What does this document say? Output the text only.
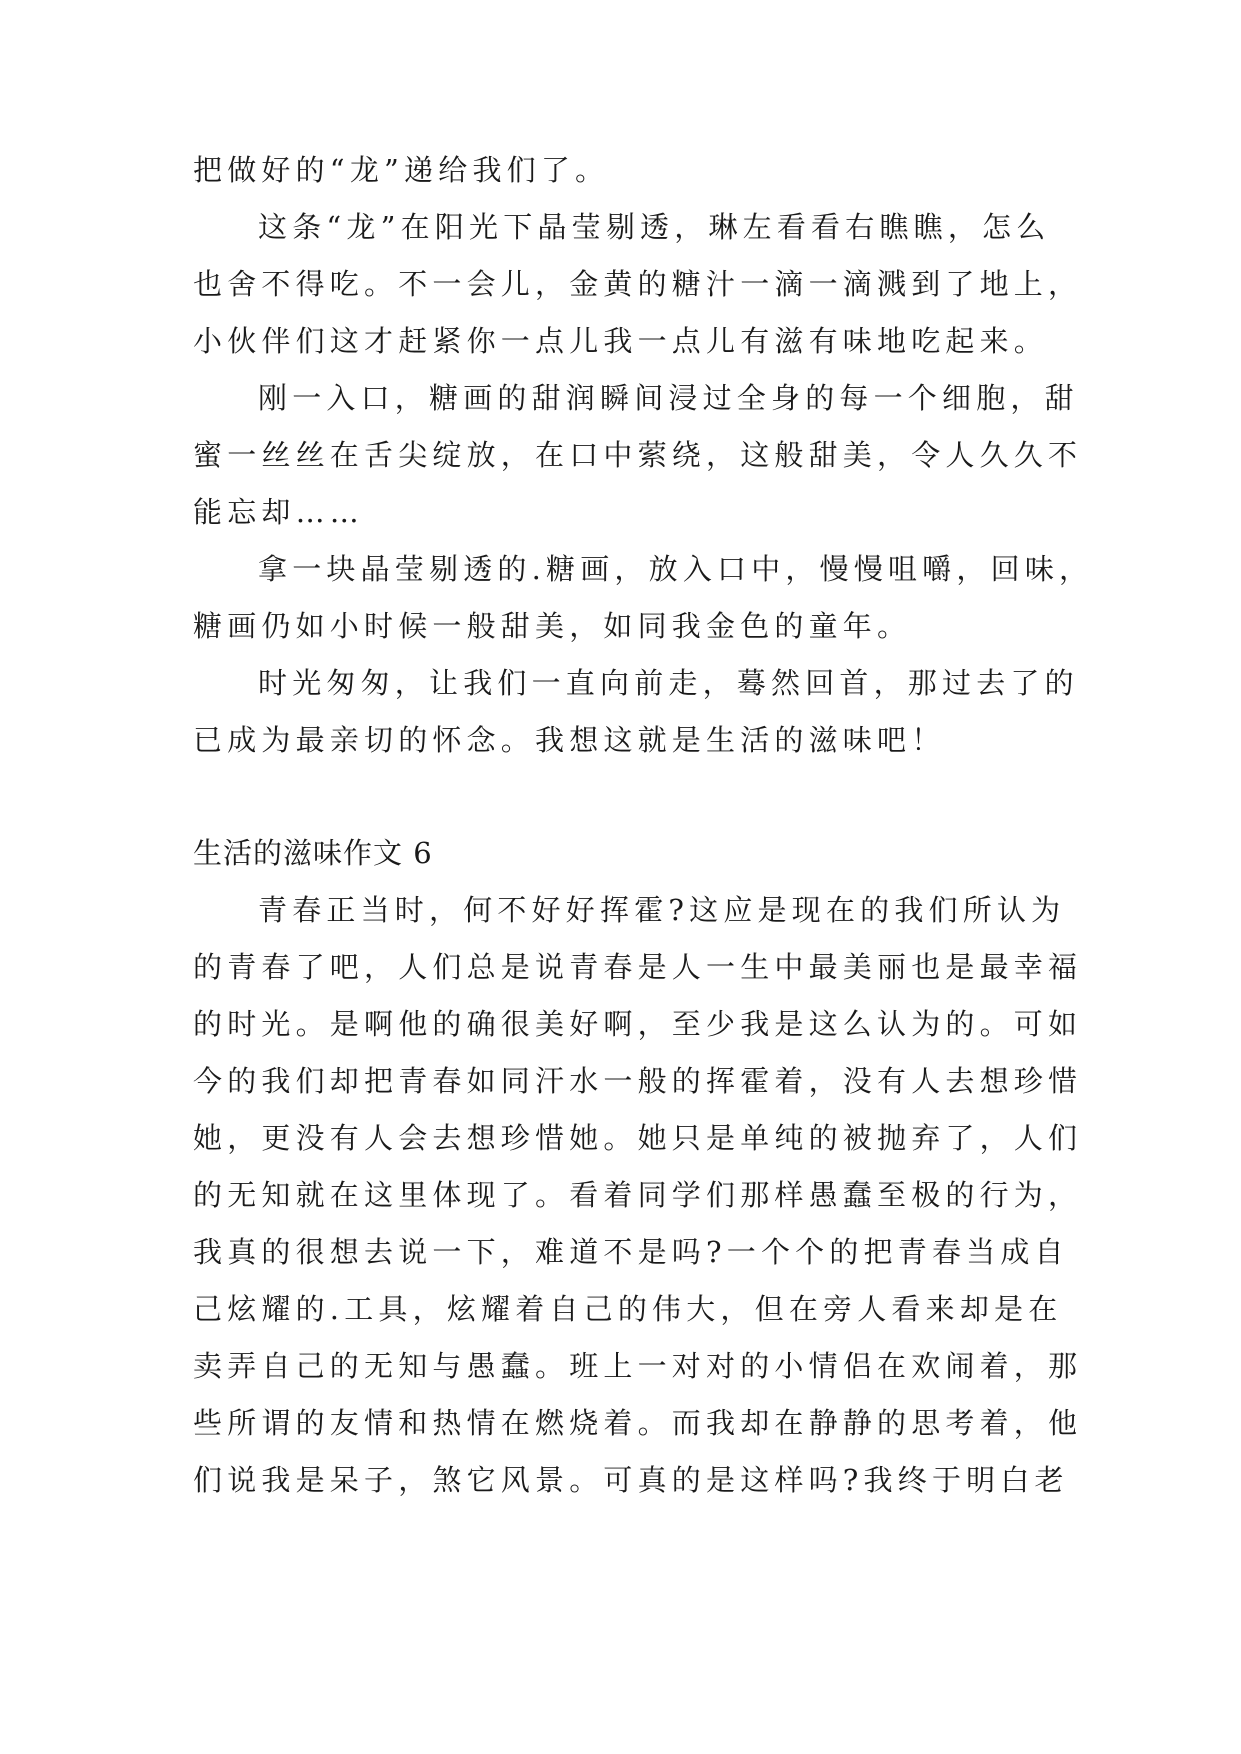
把做好的“龙”递给我们了。
这条“龙”在阳光下晶莹剔透，琳左看看右瞧瞧，怎么
也舍不得吃。不一会儿，金黄的糖汁一滴一滴溅到了地上，
小伙伴们这才赶紧你一点儿我一点儿有滋有味地吃起来。
刚一入口，糖画的甜润瞬间浸过全身的每一个细胞，甜
蜜一丝丝在舌尖绽放，在口中萦绕，这般甜美，令人久久不
能忘却……
拿一块晶莹剔透的.糖画，放入口中，慢慢咀嚼，回味，
糖画仍如小时候一般甜美，如同我金色的童年。
时光匆匆，让我们一直向前走，蓦然回首，那过去了的
已成为最亲切的怀念。我想这就是生活的滋味吧！
生活的滋味作文 6
青春正当时，何不好好挥霍?这应是现在的我们所认为
的青春了吧，人们总是说青春是人一生中最美丽也是最幸福
的时光。是啊他的确很美好啊，至少我是这么认为的。可如
今的我们却把青春如同汗水一般的挥霍着，没有人去想珍惜
她，更没有人会去想珍惜她。她只是单纯的被抛弃了，人们
的无知就在这里体现了。看着同学们那样愚蠢至极的行为，
我真的很想去说一下，难道不是吗?一个个的把青春当成自
己炫耀的.工具，炫耀着自己的伟大，但在旁人看来却是在
卖弄自己的无知与愚蠢。班上一对对的小情侣在欢闹着，那
些所谓的友情和热情在燃烧着。而我却在静静的思考着，他
们说我是呆子，煞它风景。可真的是这样吗?我终于明白老
